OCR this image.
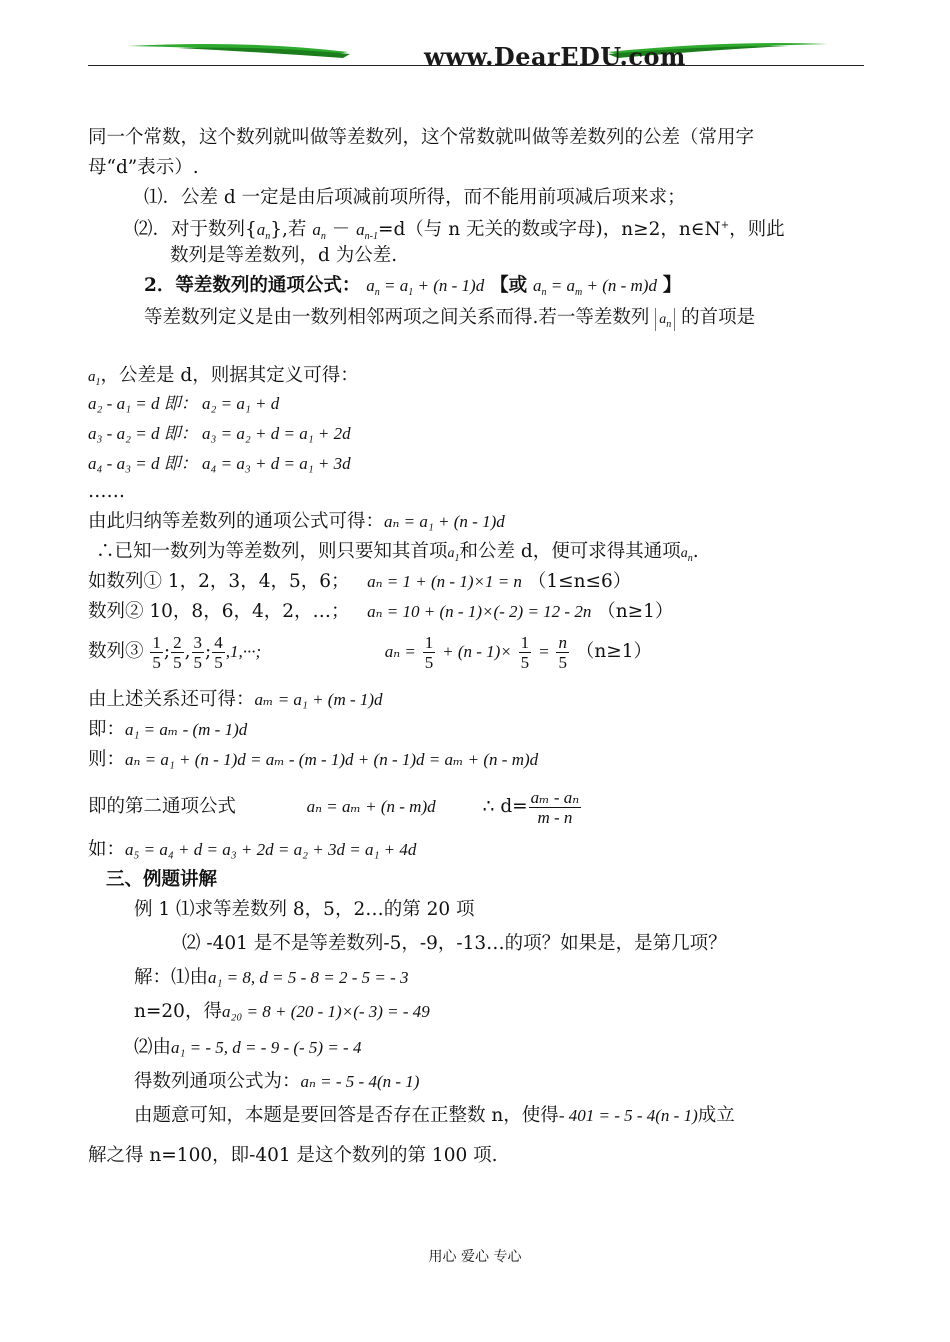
www.DearEDU.com
同一个常数，这个数列就叫做等差数列，这个常数就叫做等差数列的公差（常用字
母“d”表示）.
⑴．公差 d 一定是由后项减前项所得，而不能用前项减后项来求；
⑵．对于数列$\{a_n\}$,若 $a_n - a_{n-1}=d$（与 n 无关的数或字母)，n≥2，n∈N+，则此
数列是等差数列，d 为公差.
2．等差数列的通项公式： $a_n = a_1 + (n - 1)d$ 【或 $a_n = a_m + (n - m)d$ 】
等差数列定义是由一数列相邻两项之间关系而得.若一等差数列 $a_n$ 的首项是
$a_1$，公差是 d，则据其定义可得：
a₂ - a₁ = d 即： a₂ = a₁ + d
a₃ - a₂ = d 即： a₃ = a₂ + d = a₁ + 2d
a₄ - a₃ = d 即： a₄ = a₃ + d = a₁ + 3d
……
由此归纳等差数列的通项公式可得：aₙ = a₁ + (n - 1)d
∴已知一数列为等差数列，则只要知其首项$a_1$和公差 d，便可求得其通项$a_n$.
如数列① 1，2，3，4，5，6； aₙ = 1 + (n - 1)×1 = n （1≤n≤6）
数列② 10，8，6，4，2，…； aₙ = 10 + (n - 1)×(- 2) = 12 - 2n （n≥1）
数列③ $\frac{1}{5}$ ; $\frac{2}{5}$ , $\frac{3}{5}$ ; $\frac{4}{5} ,1,\cdot\cdot\cdot$;	$a_n = \frac{1}{5} + (n - 1)\times \frac{1}{5} = \frac{n}{5} (n\ge 1)$
由上述关系还可得：aₘ = a₁ + (m - 1)d
即：a₁ = aₘ - (m - 1)d
则：aₙ = a₁ + (n - 1)d = aₘ - (m - 1)d + (n - 1)d = aₘ + (n - m)d
即的第二通项公式	aₙ = aₘ + (n - m)d	∴ $d= \frac{\text{aₘ - aₙ}}{m - n}$
如：a₅ = a₄ + d = a₃ + 2d = a₂ + 3d = a₁ + 4d
三、例题讲解
例 1 ⑴求等差数列 8，5，2…的第 20 项
⑵ -401 是不是等差数列-5，-9，-13…的项？如果是，是第几项？
解：⑴由a₁ = 8, d = 5 - 8 = 2 - 5 = - 3
n=20，得a₂₀ = 8 + (20 - 1)×(- 3) = - 49
⑵由a₁ = - 5, d = - 9 - (- 5) = - 4
得数列通项公式为：aₙ = - 5 - 4(n - 1)
由题意可知，本题是要回答是否存在正整数 n，使得- 401 = - 5 - 4(n - 1)成立
解之得 n=100，即-401 是这个数列的第 100 项.
用心 爱心 专心
